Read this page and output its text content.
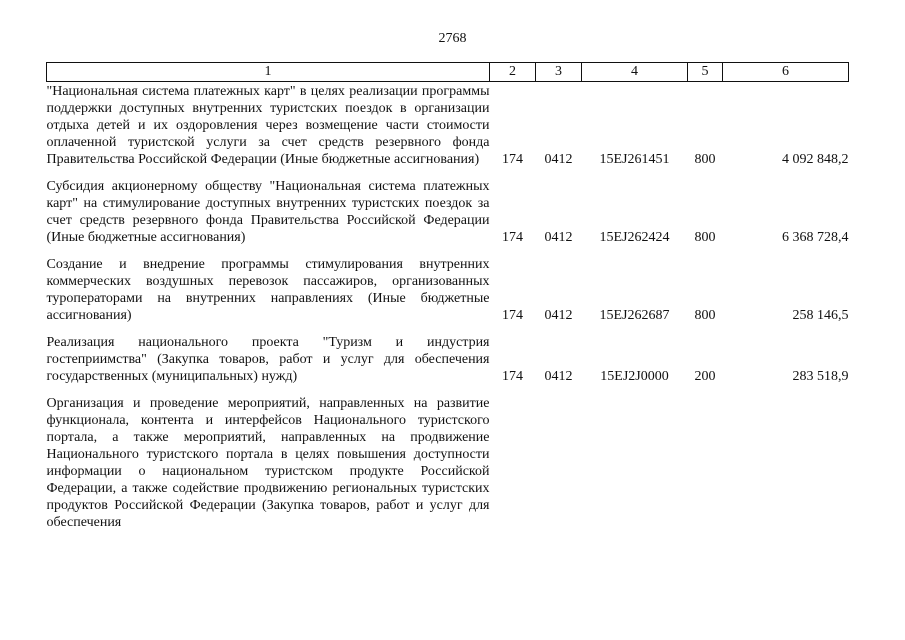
2768
1	2	3	4	5	6
"Национальная система платежных карт" в целях реализации программы поддержки доступных внутренних туристских поездок в организации отдыха детей и их оздоровления через возмещение части стоимости оплаченной туристской услуги за счет средств резервного фонда Правительства Российской Федерации (Иные бюджетные ассигнования)	174	0412	15EJ261451	800	4 092 848,2
Субсидия акционерному обществу "Национальная система платежных карт" на стимулирование доступных внутренних туристских поездок за счет средств резервного фонда Правительства Российской Федерации (Иные бюджетные ассигнования)	174	0412	15EJ262424	800	6 368 728,4
Создание и внедрение программы стимулирования внутренних коммерческих воздушных перевозок пассажиров, организованных туроператорами на внутренних направлениях (Иные бюджетные ассигнования)	174	0412	15EJ262687	800	258 146,5
Реализация национального проекта "Туризм и индустрия гостеприимства" (Закупка товаров, работ и услуг для обеспечения государственных (муниципальных) нужд)	174	0412	15EJ2J0000	200	283 518,9
Организация и проведение мероприятий, направленных на развитие функционала, контента и интерфейсов Национального туристского портала, а также мероприятий, направленных на продвижение Национального туристского портала в целях повышения доступности информации о национальном туристском продукте Российской Федерации, а также содействие продвижению региональных туристских продуктов Российской Федерации (Закупка товаров, работ и услуг для обеспечения					
